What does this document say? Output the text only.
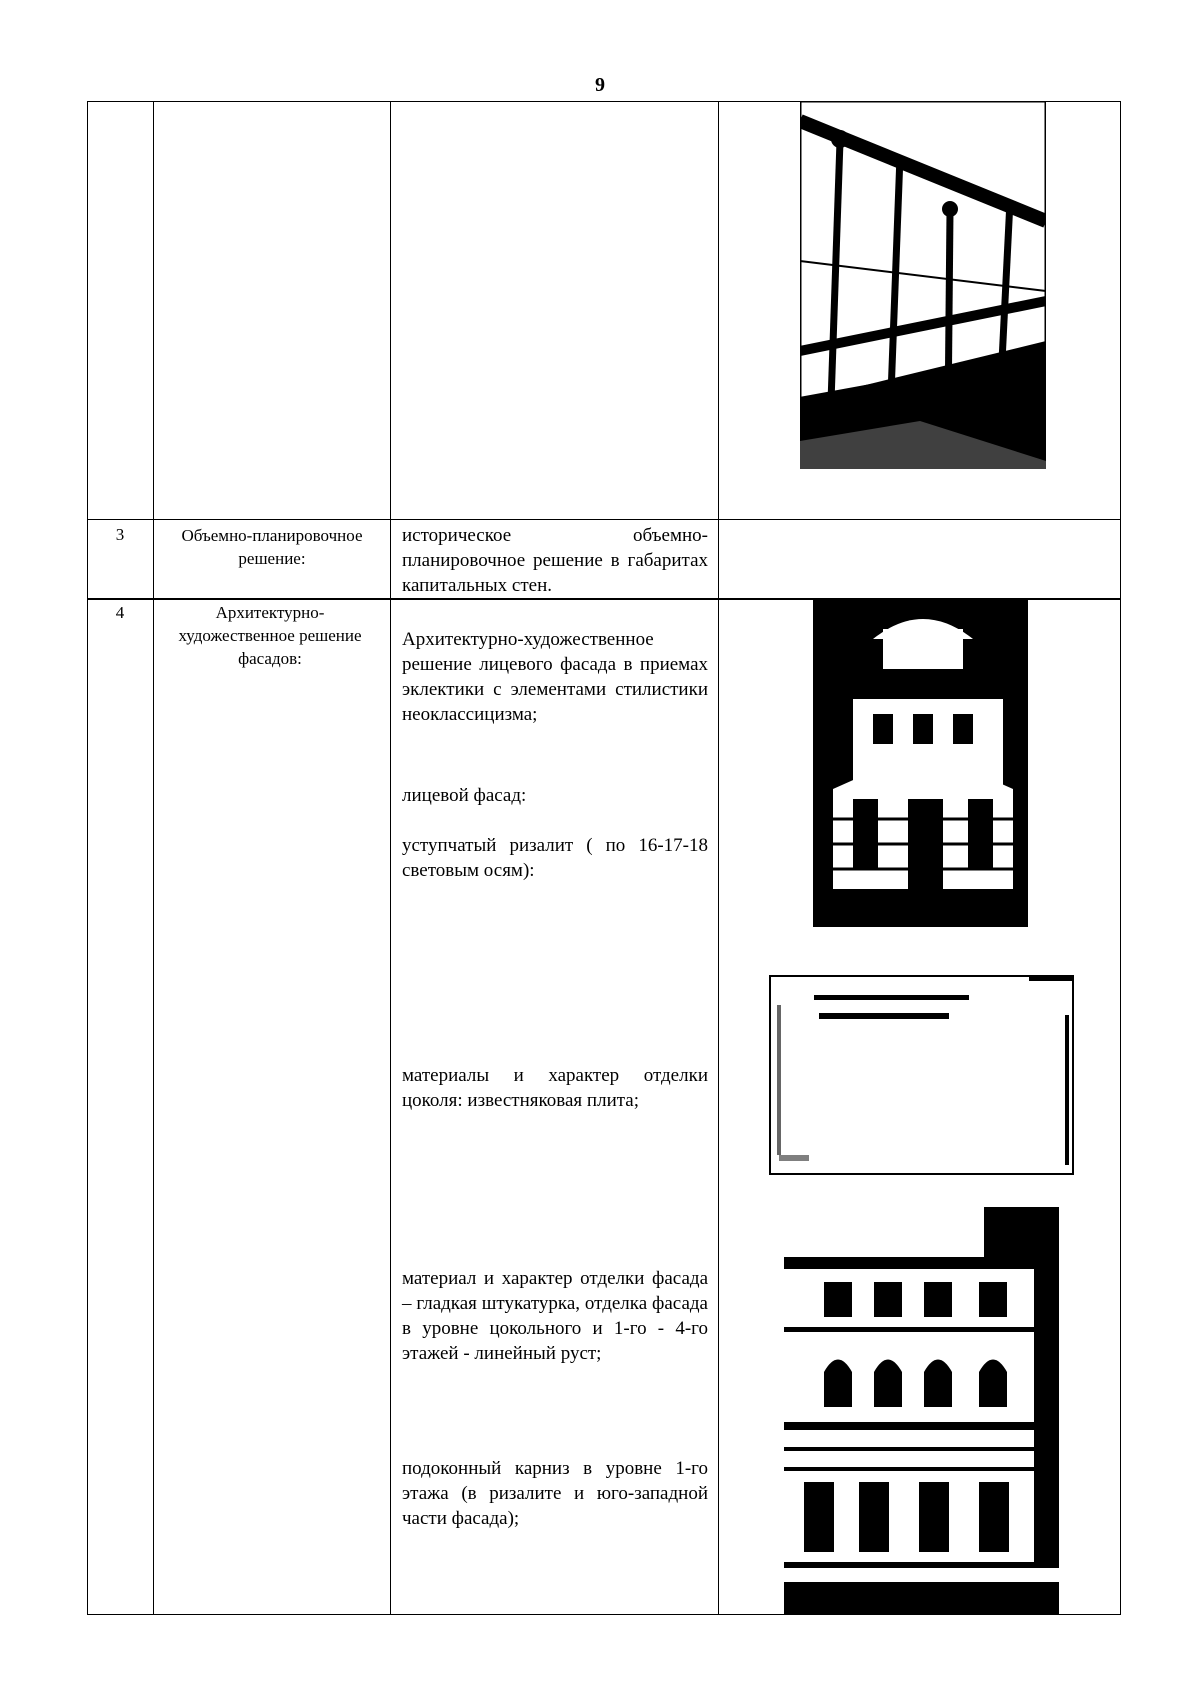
9
3	Объемно-планировочное решение:

историческое объемно-планировочное решение в габаритах капитальных стен.

4	Архитектурно-художественное решение фасадов:

Архитектурно-художественное решение лицевого фасада в приемах эклектики с элементами стилистики неоклассицизма;

лицевой фасад:

уступчатый ризалит ( по 16-17-18 световым осям):

материалы и характер отделки цоколя: известняковая плита;

материал и характер отделки фасада – гладкая штукатурка, отделка фасада в уровне цокольного и 1-го - 4-го этажей - линейный руст;

подоконный карниз в уровне 1-го этажа (в ризалите и юго-западной части фасада);
